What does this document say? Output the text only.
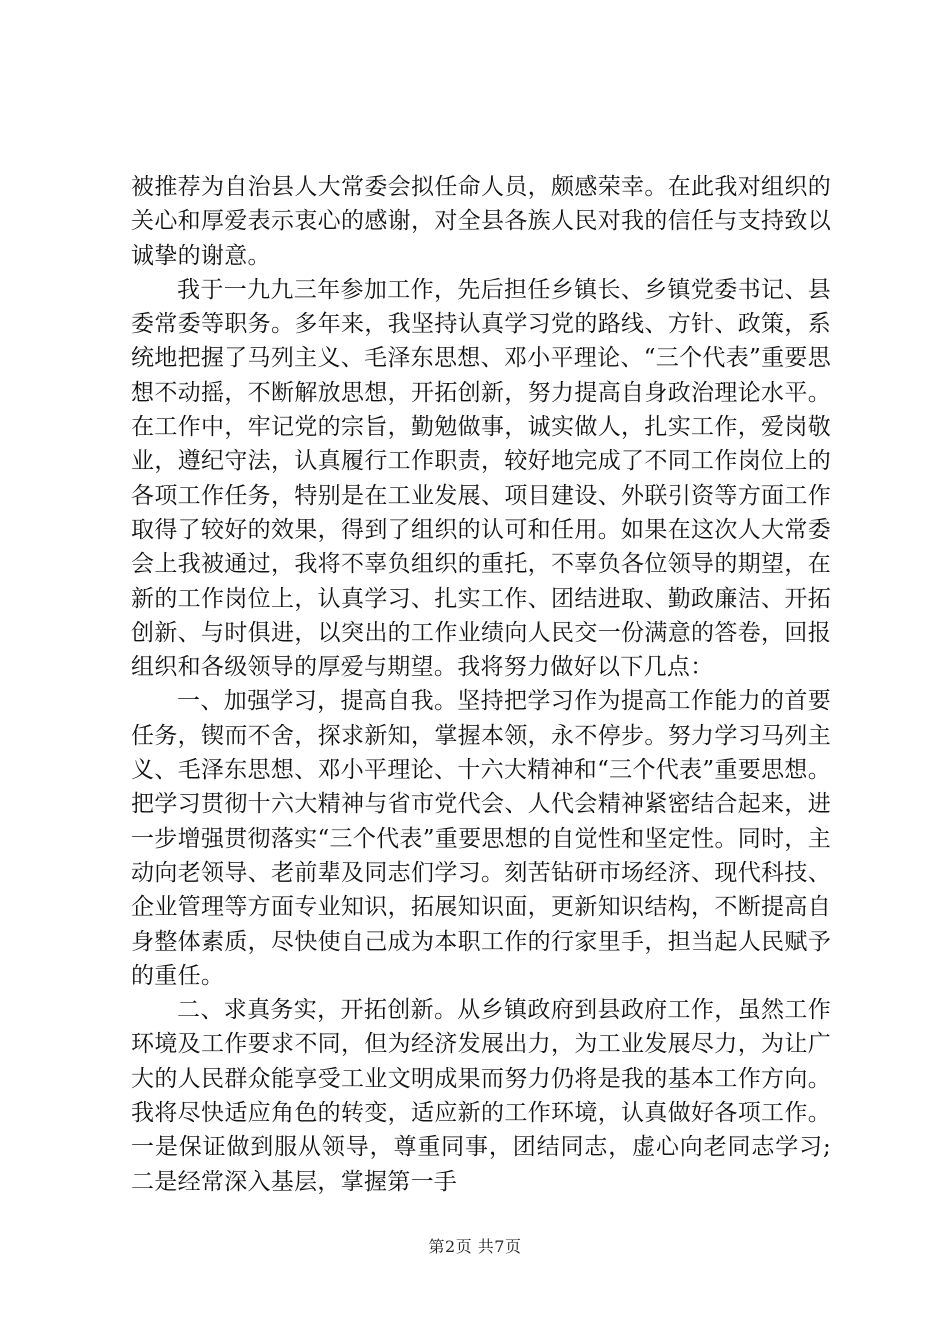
被推荐为自治县人大常委会拟任命人员，颇感荣幸。在此我对组织的关心和厚爱表示衷心的感谢，对全县各族人民对我的信任与支持致以诚挚的谢意。

我于一九九三年参加工作，先后担任乡镇长、乡镇党委书记、县委常委等职务。多年来，我坚持认真学习党的路线、方针、政策，系统地把握了马列主义、毛泽东思想、邓小平理论、“三个代表”重要思想不动摇，不断解放思想，开拓创新，努力提高自身政治理论水平。在工作中，牢记党的宗旨，勤勉做事，诚实做人，扎实工作，爱岗敬业，遵纪守法，认真履行工作职责，较好地完成了不同工作岗位上的各项工作任务，特别是在工业发展、项目建设、外联引资等方面工作取得了较好的效果，得到了组织的认可和任用。如果在这次人大常委会上我被通过，我将不辜负组织的重托，不辜负各位领导的期望，在新的工作岗位上，认真学习、扎实工作、团结进取、勤政廉洁、开拓创新、与时俱进，以突出的工作业绩向人民交一份满意的答卷，回报组织和各级领导的厚爱与期望。我将努力做好以下几点：

一、加强学习，提高自我。坚持把学习作为提高工作能力的首要任务，锲而不舍，探求新知，掌握本领，永不停步。努力学习马列主义、毛泽东思想、邓小平理论、十六大精神和“三个代表”重要思想。把学习贯彻十六大精神与省市党代会、人代会精神紧密结合起来，进一步增强贯彻落实“三个代表”重要思想的自觉性和坚定性。同时，主动向老领导、老前辈及同志们学习。刻苦钻研市场经济、现代科技、企业管理等方面专业知识，拓展知识面，更新知识结构，不断提高自身整体素质，尽快使自己成为本职工作的行家里手，担当起人民赋予的重任。

二、求真务实，开拓创新。从乡镇政府到县政府工作，虽然工作环境及工作要求不同，但为经济发展出力，为工业发展尽力，为让广大的人民群众能享受工业文明成果而努力仍将是我的基本工作方向。我将尽快适应角色的转变，适应新的工作环境，认真做好各项工作。一是保证做到服从领导，尊重同事，团结同志，虚心向老同志学习;二是经常深入基层，掌握第一手

第2页 共7页
